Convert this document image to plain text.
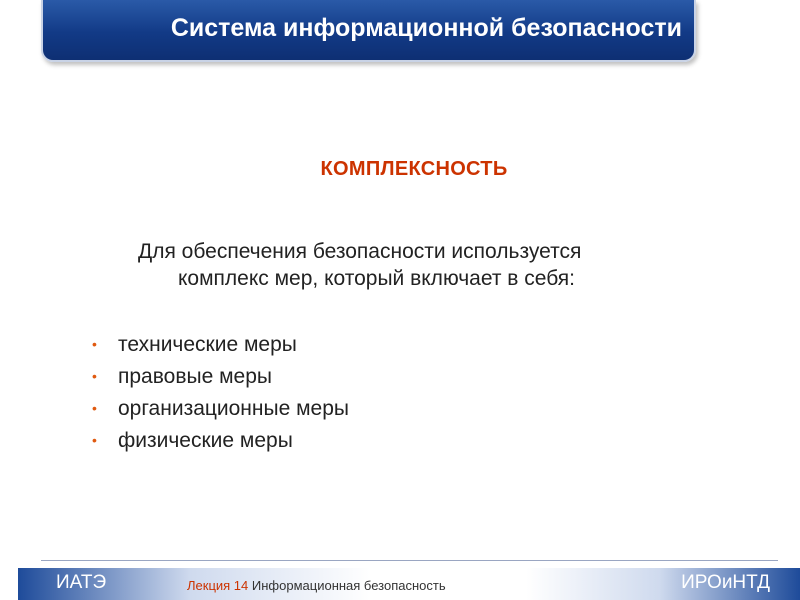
Система информационной безопасности
КОМПЛЕКСНОСТЬ
Для обеспечения безопасности используется
комплекс мер, который включает в себя:
• технические меры
• правовые меры
• организационные меры
• физические меры
ИАТЭ	Лекция 14 Информационная безопасность	ИРОиНТД
